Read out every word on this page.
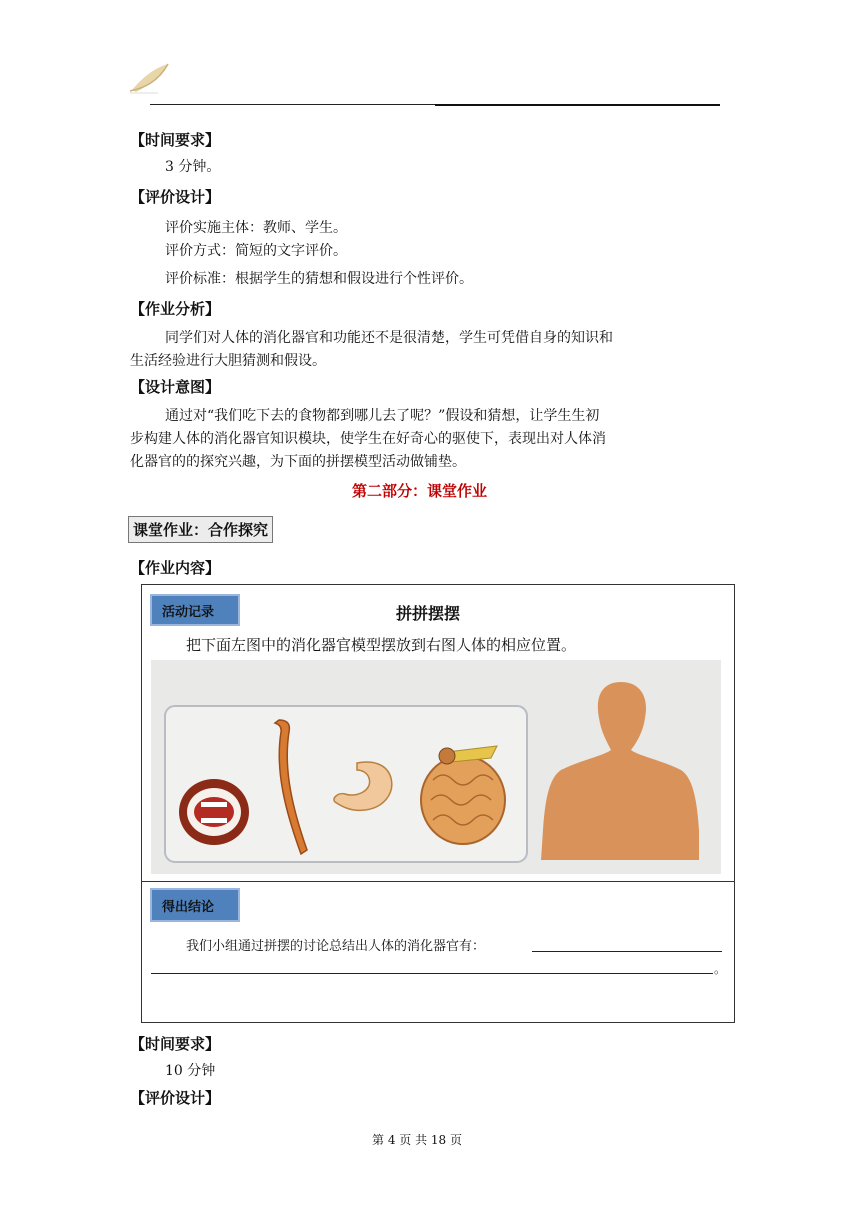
【时间要求】
3 分钟。
【评价设计】
评价实施主体：教师、学生。
评价方式：简短的文字评价。
评价标准：根据学生的猜想和假设进行个性评价。
【作业分析】
同学们对人体的消化器官和功能还不是很清楚，学生可凭借自身的知识和
生活经验进行大胆猜测和假设。
【设计意图】
通过对“我们吃下去的食物都到哪儿去了呢？”假设和猜想，让学生生初
步构建人体的消化器官知识模块，使学生在好奇心的驱使下，表现出对人体消
化器官的的探究兴趣，为下面的拼摆模型活动做铺垫。
第二部分：课堂作业
课堂作业：合作探究
【作业内容】
活动记录	拼拼摆摆
把下面左图中的消化器官模型摆放到右图人体的相应位置。
得出结论
我们小组通过拼摆的讨论总结出人体的消化器官有：
。
【时间要求】
10 分钟
【评价设计】
第 4 页 共 18 页
